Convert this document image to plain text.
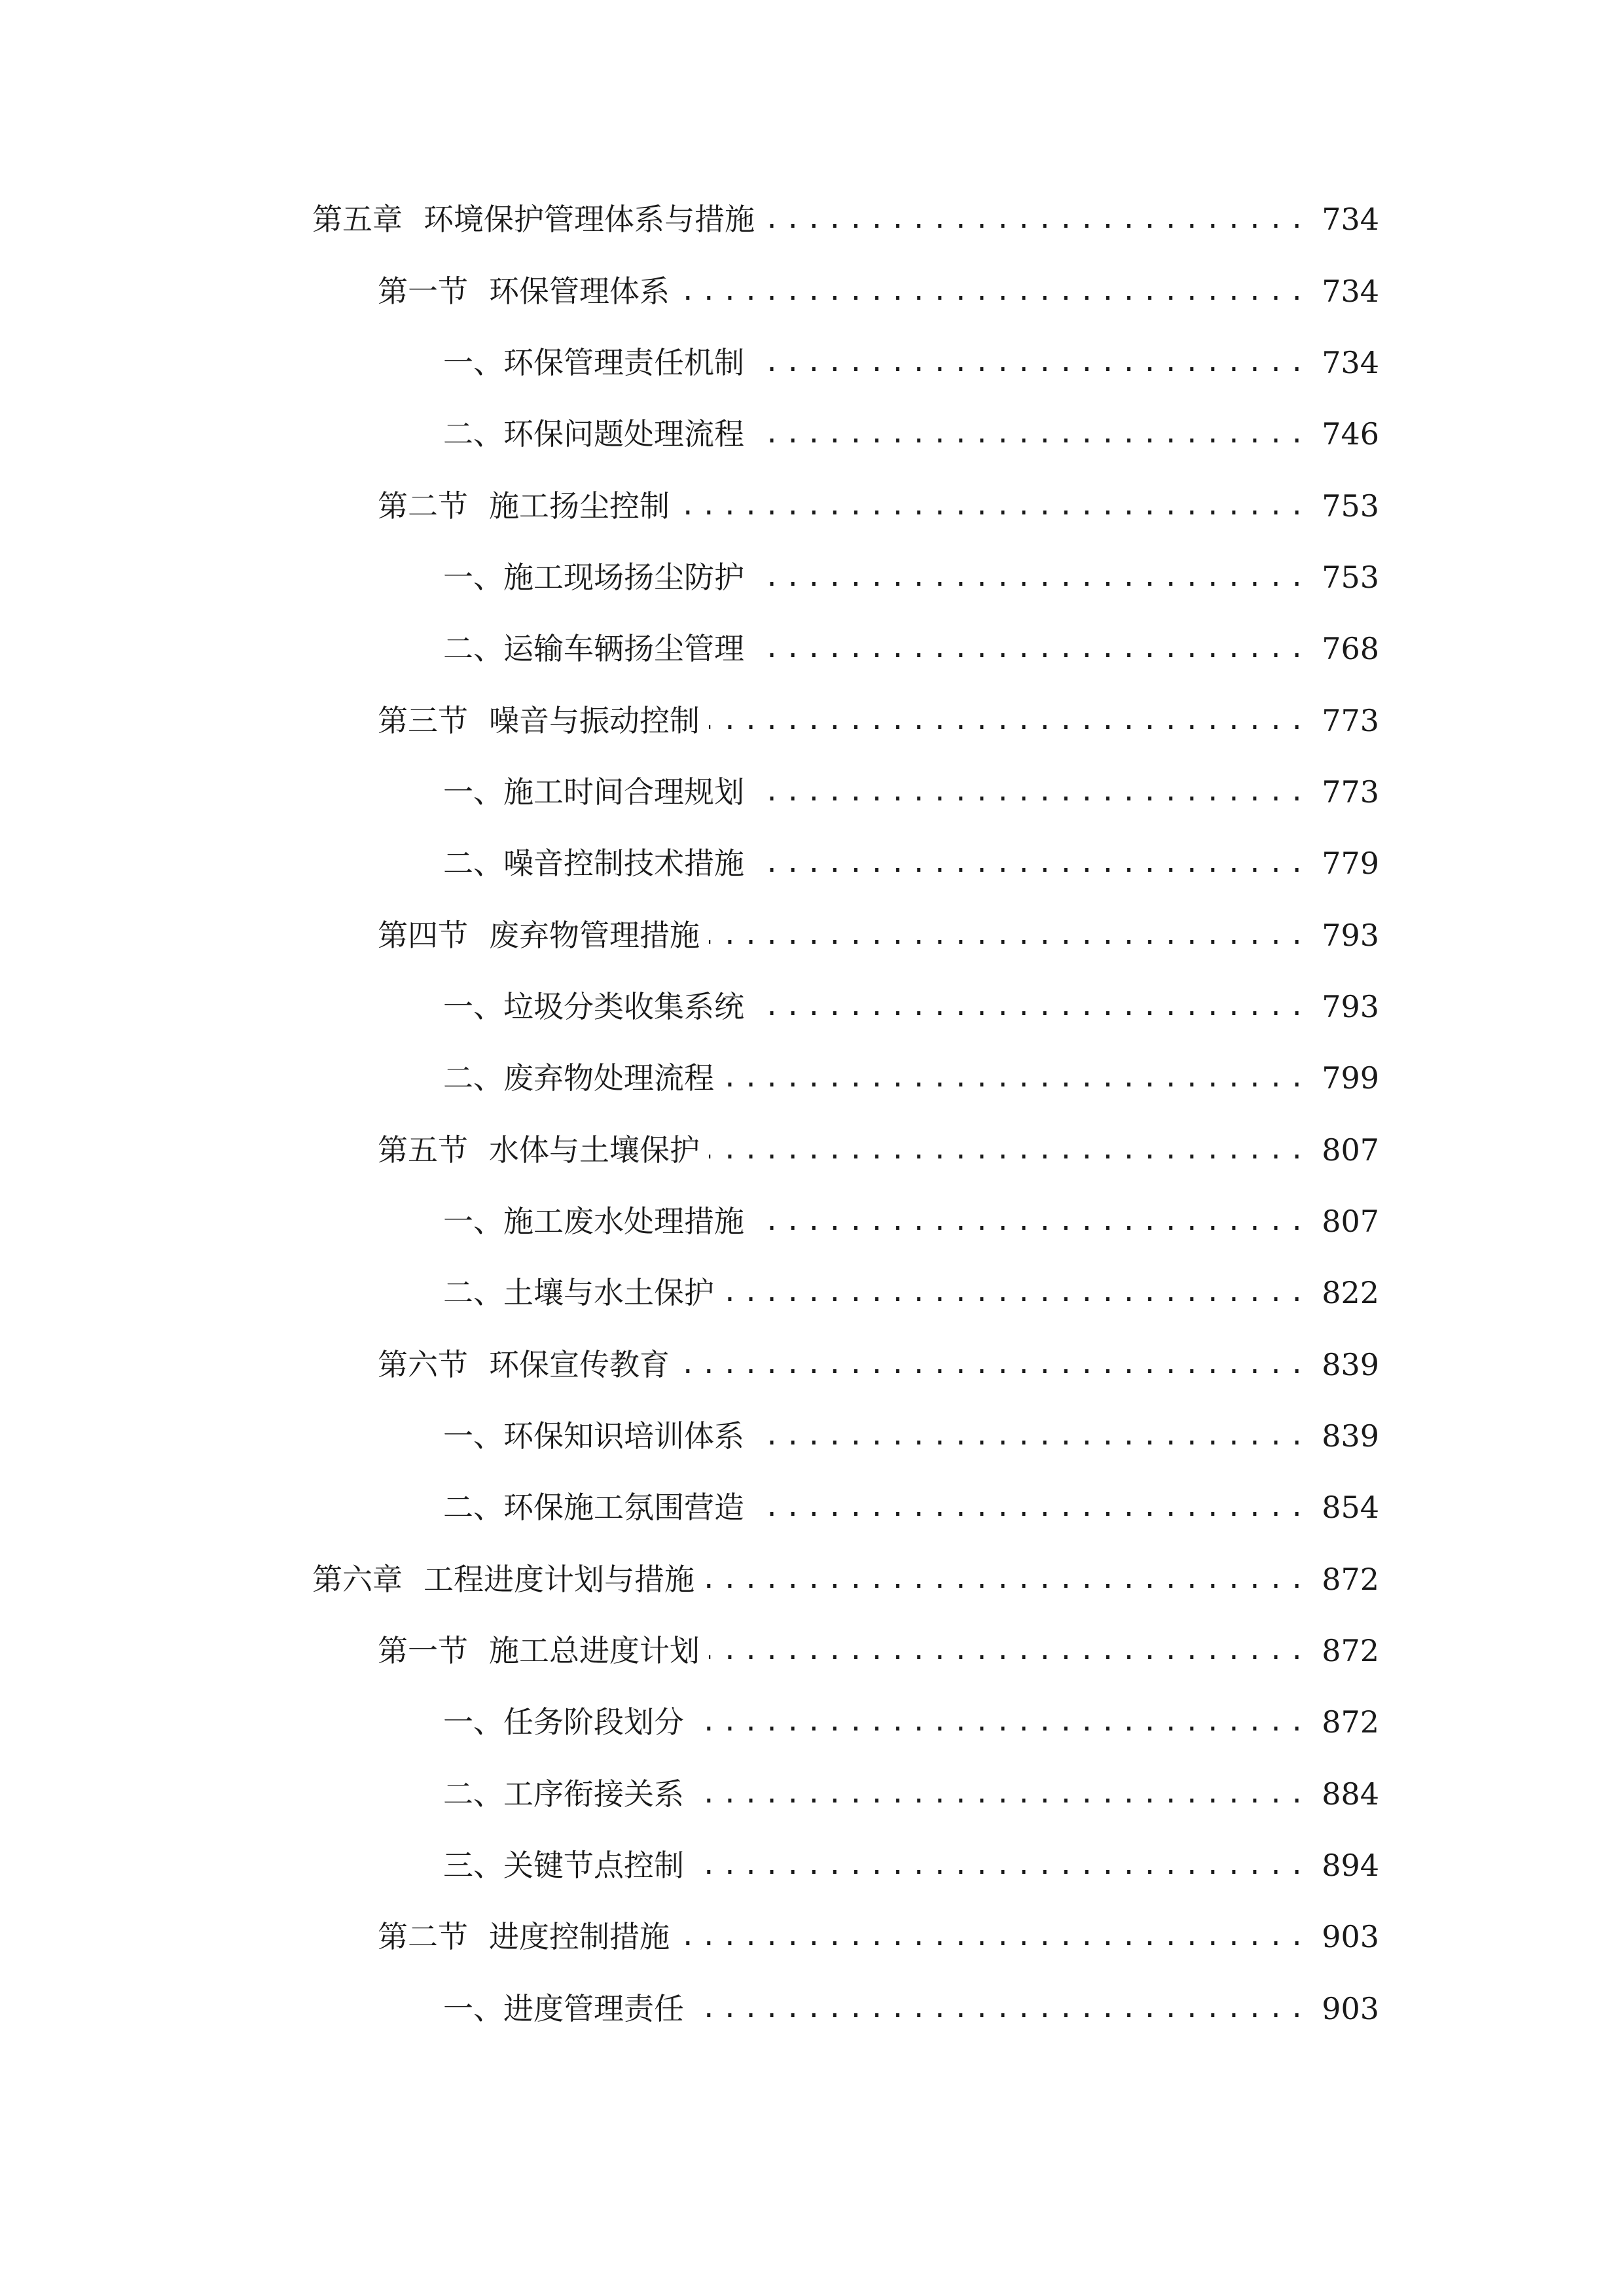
第五章 环境保护管理体系与措施 .....	734
第一节 环保管理体系 .....	734
一、 环保管理责任机制 .....	734
二、 环保问题处理流程 .....	746
第二节 施工扬尘控制 .....	753
一、 施工现场扬尘防护 .....	753
二、 运输车辆扬尘管理 .....	768
第三节 噪音与振动控制 .....	773
一、 施工时间合理规划 .....	773
二、 噪音控制技术措施 .....	779
第四节 废弃物管理措施 .....	793
一、 垃圾分类收集系统 .....	793
二、 废弃物处理流程 .....	799
第五节 水体与土壤保护 .....	807
一、 施工废水处理措施 .....	807
二、 土壤与水土保护 .....	822
第六节 环保宣传教育 .....	839
一、 环保知识培训体系 .....	839
二、 环保施工氛围营造 .....	854
第六章 工程进度计划与措施 .....	872
第一节 施工总进度计划 .....	872
一、 任务阶段划分 .....	872
二、 工序衔接关系 .....	884
三、 关键节点控制 .....	894
第二节 进度控制措施 .....	903
一、 进度管理责任 .....	903
